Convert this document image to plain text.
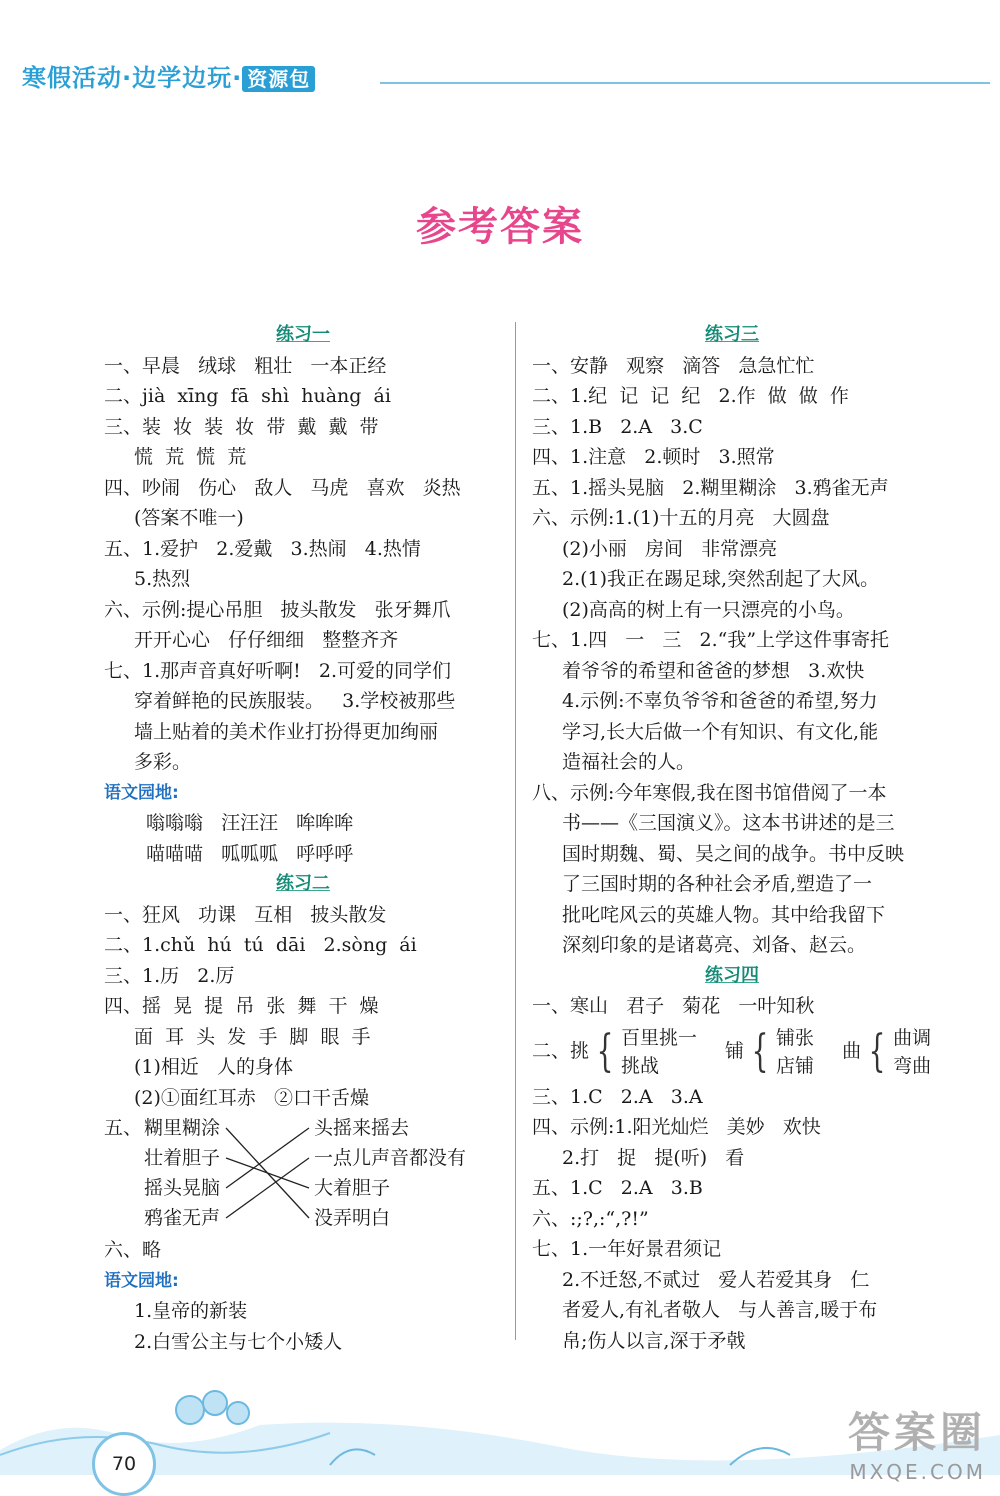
寒假活动·边学边玩· 资源包
参考答案
练习一
一、早晨   绒球   粗壮   一本正经
二、jià  xīng  fā  shì  huàng  ái
三、装  妆  装  妆  带  戴  戴  带
慌  荒  慌  荒
四、吵闹   伤心   敌人   马虎   喜欢   炎热
(答案不唯一)
五、1.爱护   2.爱戴   3.热闹   4.热情
5.热烈
六、示例:提心吊胆   披头散发   张牙舞爪
开开心心   仔仔细细   整整齐齐
七、1.那声音真好听啊!   2.可爱的同学们
穿着鲜艳的民族服装。   3.学校被那些
墙上贴着的美术作业打扮得更加绚丽
多彩。
语文园地:
嗡嗡嗡   汪汪汪   哞哞哞
喵喵喵   呱呱呱   呼呼呼
练习二
一、狂风   功课   互相   披头散发
二、1.chǔ  hú  tú  dāi   2.sòng  ái
三、1.历   2.厉
四、摇  晃  提  吊  张  舞  干  燥
面  耳  头  发  手  脚  眼  手
(1)相近   人的身体
(2)①面红耳赤   ②口干舌燥
五、 糊里糊涂
壮着胆子
摇头晃脑
鸦雀无声
头摇来摇去
一点儿声音都没有
大着胆子
没弄明白
六、略
语文园地:
1.皇帝的新装
2.白雪公主与七个小矮人
练习三
一、安静   观察   滴答   急急忙忙
二、1.纪  记  记  纪   2.作  做  做  作
三、1.B   2.A   3.C
四、1.注意   2.顿时   3.照常
五、1.摇头晃脑   2.糊里糊涂   3.鸦雀无声
六、示例:1.(1)十五的月亮   大圆盘
(2)小丽   房间   非常漂亮
2.(1)我正在踢足球,突然刮起了大风。
(2)高高的树上有一只漂亮的小鸟。
七、1.四   一   三   2.“我”上学这件事寄托
着爷爷的希望和爸爸的梦想   3.欢快
4.示例:不辜负爷爷和爸爸的希望,努力
学习,长大后做一个有知识、有文化,能
造福社会的人。
八、示例:今年寒假,我在图书馆借阅了一本
书——《三国演义》。这本书讲述的是三
国时期魏、蜀、吴之间的战争。书中反映
了三国时期的各种社会矛盾,塑造了一
批叱咤风云的英雄人物。其中给我留下
深刻印象的是诸葛亮、刘备、赵云。
练习四
一、寒山   君子   菊花   一叶知秋
二、挑 { 百里挑一
挑战
铺 { 铺张
店铺
曲 { 曲调
弯曲
三、1.C   2.A   3.A
四、示例:1.阳光灿烂   美妙   欢快
2.打   捉   提(听)   看
五、1.C   2.A   3.B
六、:;?,:“,?!”
七、1.一年好景君须记
2.不迁怒,不贰过   爱人若爱其身   仁
者爱人,有礼者敬人   与人善言,暖于布
帛;伤人以言,深于矛戟
70
答案圈
MXQE.COM
